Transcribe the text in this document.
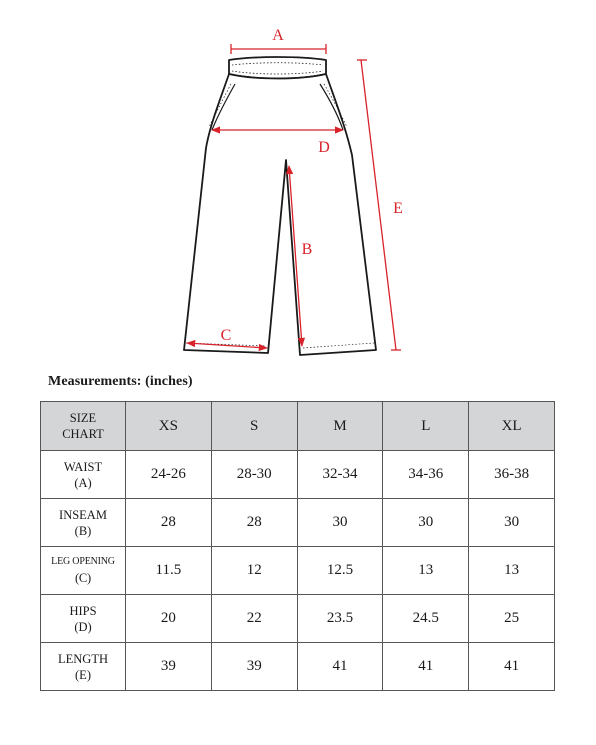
A
D
B
C
E
Measurements: (inches)
SIZE
CHART	XS	S	M	L	XL
WAIST
(A)	24-26	28-30	32-34	34-36	36-38
INSEAM
(B)	28	28	30	30	30
LEG OPENING
(C)	11.5	12	12.5	13	13
HIPS
(D)	20	22	23.5	24.5	25
LENGTH
(E)	39	39	41	41	41
